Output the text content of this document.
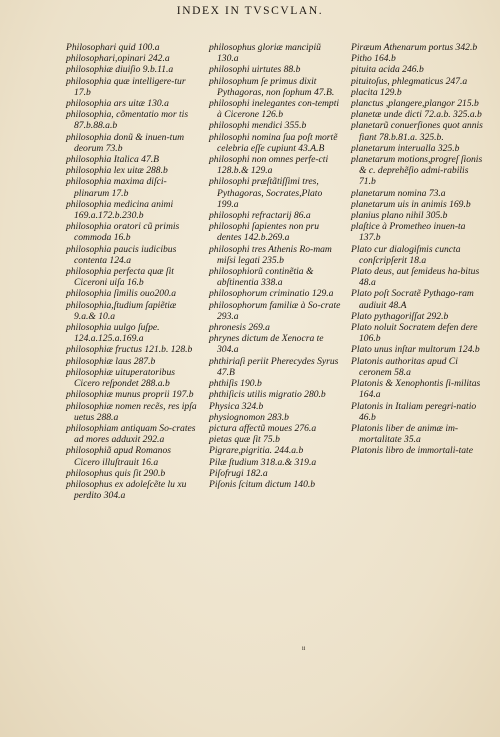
INDEX IN TVSCVLAN.

Philosophari quid 100.a

philosophari,opinari 242.a

philosophiæ diuiſio 9.b.11.a

philosophia quæ intelligere-tur 17.b

philosophia ars uitæ 130.a

philosophia, cõmentatio mor tis 87.b.88.a.b

philosophia donũ & inuen-tum deorum 73.b

philosophia Italica 47.B

philosophia lex uitæ 288.b

philosophia maxima diſci-plinarum 17.b

philosophia medicina animi 169.a.172.b.230.b

philosophia oratori cũ primis commoda 16.b

philosophia paucis iudicibus contenta 124.a

philosophia perfecta quæ ſit Ciceroni uiſa 16.b

philosophia ſimilis ouo200.a

philosophia,ſtudium ſapiẽtiæ 9.a.& 10.a

philosophia uulgo ſuſpe. 124.a.125.a.169.a

philosophiæ fructus 121.b. 128.b

philosophiæ laus 287.b

philosophiæ uituperatoribus Cicero reſpondet 288.a.b

philosophiæ munus proprii 197.b

philosophiæ nomen recẽs, res ipſa uetus 288.a

philosophiam antiquam So-crates ad mores adduxit 292.a

philosophiã apud Romanos Cicero illuſtrauit 16.a

philosophus quis ſit 290.b

philosophus ex adoleſcẽte lu xu perdito 304.a

philosophus gloriæ mancipiũ 130.a

philosophi uirtutes 88.b

philosophum ſe primus dixit Pythagoras, non ſophum 47.B.

philosophi inelegantes con-tempti à Cicerone 126.b

philosophi mendici 355.b

philosophi nomina ſua poſt mortẽ celebria eſſe cupiunt 43.A.B

philosophi non omnes perfe-cti 128.b.& 129.a

philosophi præſtãtiſſimi tres, Pythagoras, Socrates,Plato 199.a

philosophi refractarij 86.a

philosophi ſapientes non pru dentes 142.b.269.a

philosophi tres Athenis Ro-mam miſsi legati 235.b

philosophiorũ continẽtia & abſtinentia 338.a

philosophorum criminatio 129.a

philosophorum familiæ à So-crate 293.a

phronesis 269.a

phrynes dictum de Xenocra te 304.a

phthiriaſi periit Pherecydes Syrus 47.B

phthiſis 190.b

phthiſicis utilis migratio 280.b

Physica 324.b

physiognomon 283.b

pictura affectũ moues 276.a

pietas quæ ſit 75.b

Pigrare,pigritia. 244.a.b

Pilæ ſtudium 318.a.& 319.a

Piſofrugi 182.a

Piſonis ſcitum dictum 140.b

Piræum Athenarum portus 342.b

Pitho 164.b

pituita acida 246.b

pituitoſus, phlegmaticus 247.a

placita 129.b

planctus ,plangere,plangor 215.b

planetæ unde dicti 72.a.b. 325.a.b

planetarũ conuerſiones quot annis fiant 78.b.81.a. 325.b.

planetarum interualla 325.b

planetarum motions,progreſ ſionis & c. deprehẽſio admi-rabilis 71.b

planetarum nomina 73.a

planetarum uis in animis 169.b

planius plano nihil 305.b

plaſtice à Prometheo inuen-ta 137.b

Plato cur dialogiſmis cuncta conſcripſerit 18.a

Plato deus, aut ſemideus ha-bitus 48.a

Plato poſt Socratẽ Pythago-ram audiuit 48.A

Plato pythagoriſſat 292.b

Plato noluit Socratem defen dere 106.b

Plato unus inſtar multorum 124.b

Platonis authoritas apud Ci ceronem 58.a

Platonis & Xenophontis ſi-militas 164.a

Platonis in Italiam peregri-natio 46.b

Platonis liber de animæ im-mortalitate 35.a

Platonis libro de immortali-tate

ii
